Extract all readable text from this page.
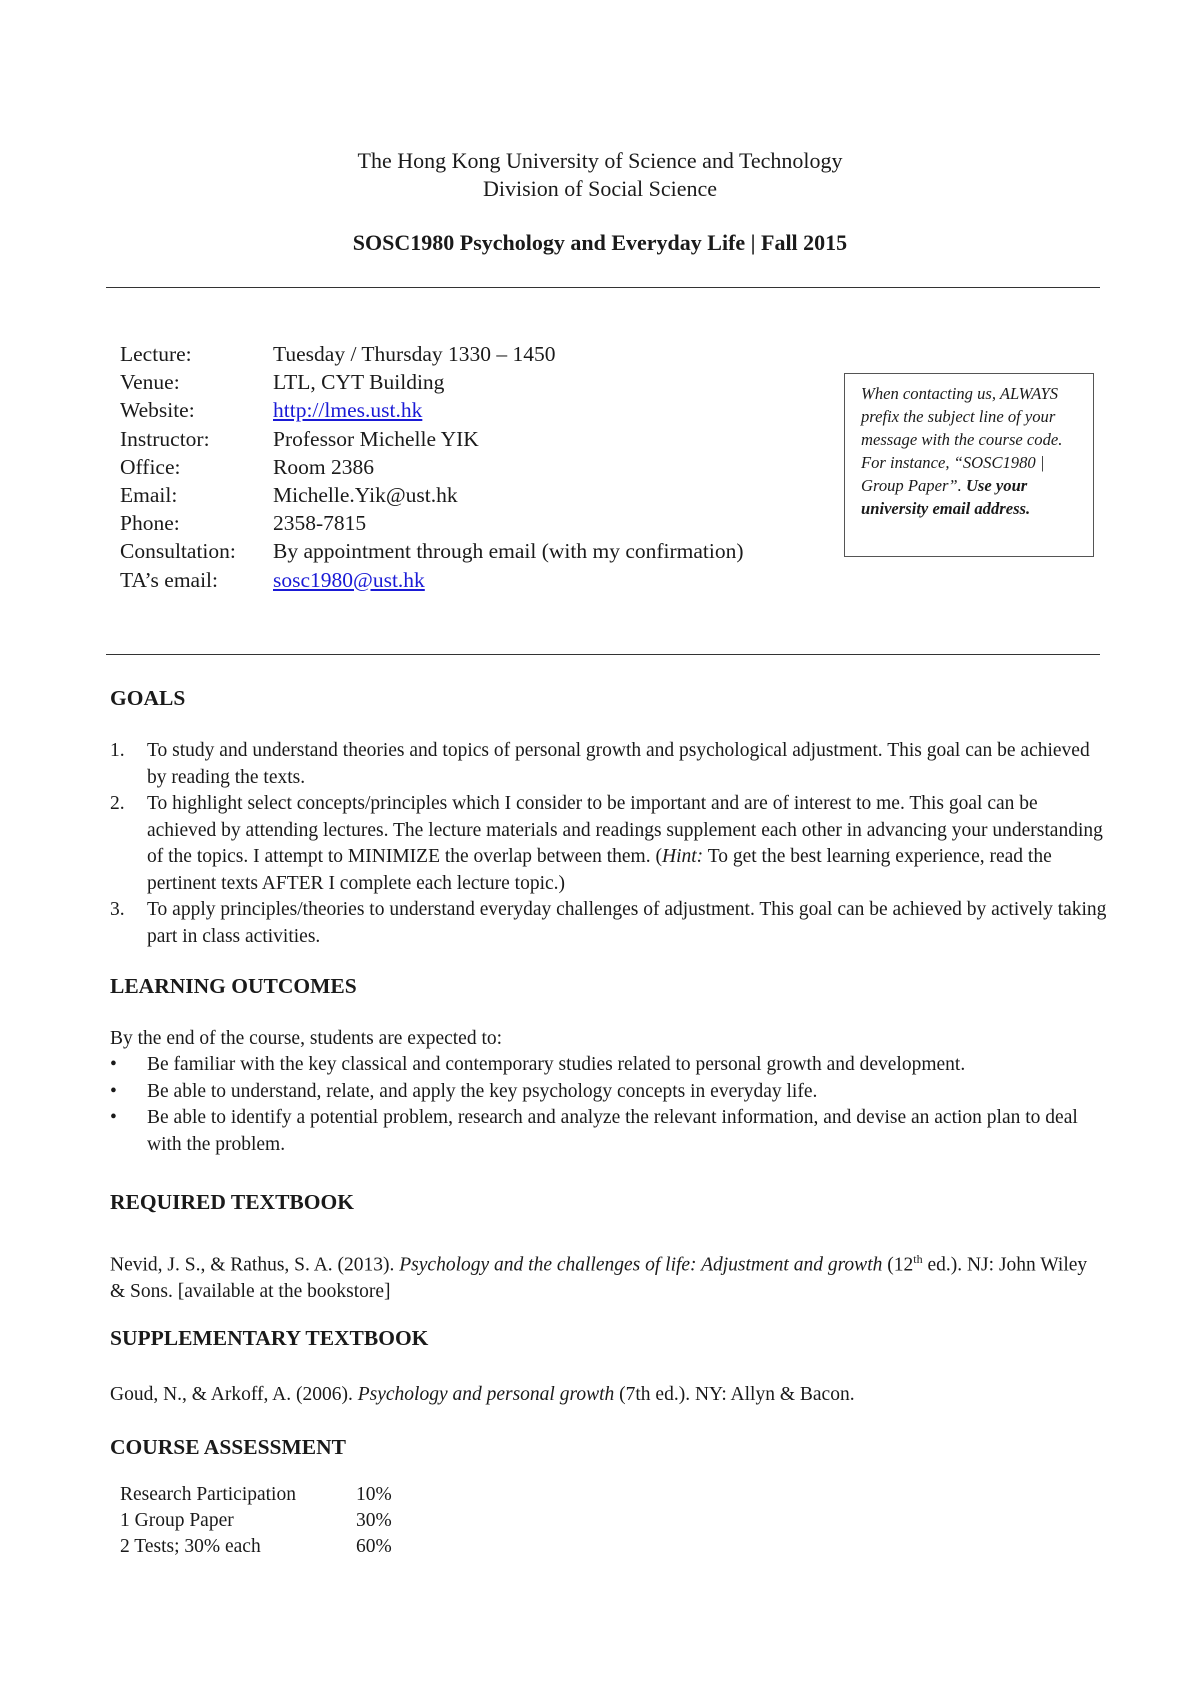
The Hong Kong University of Science and Technology
Division of Social Science
SOSC1980 Psychology and Everyday Life | Fall 2015
Lecture:	Tuesday / Thursday 1330 – 1450
Venue:	LTL, CYT Building
Website:	http://lmes.ust.hk
Instructor:	Professor Michelle YIK
Office:	Room 2386
Email:	Michelle.Yik@ust.hk
Phone:	2358-7815
Consultation: By appointment through email (with my confirmation)
TA’s email:	sosc1980@ust.hk
When contacting us, ALWAYS prefix the subject line of your message with the course code. For instance, “SOSC1980 | Group Paper”. Use your university email address.
GOALS
1. To study and understand theories and topics of personal growth and psychological adjustment. This goal can be achieved by reading the texts.
2. To highlight select concepts/principles which I consider to be important and are of interest to me. This goal can be achieved by attending lectures. The lecture materials and readings supplement each other in advancing your understanding of the topics. I attempt to MINIMIZE the overlap between them. (Hint: To get the best learning experience, read the pertinent texts AFTER I complete each lecture topic.)
3. To apply principles/theories to understand everyday challenges of adjustment. This goal can be achieved by actively taking part in class activities.
LEARNING OUTCOMES
By the end of the course, students are expected to:
• Be familiar with the key classical and contemporary studies related to personal growth and development.
• Be able to understand, relate, and apply the key psychology concepts in everyday life.
• Be able to identify a potential problem, research and analyze the relevant information, and devise an action plan to deal with the problem.
REQUIRED TEXTBOOK
Nevid, J. S., & Rathus, S. A. (2013). Psychology and the challenges of life: Adjustment and growth (12th ed.). NJ: John Wiley & Sons. [available at the bookstore]
SUPPLEMENTARY TEXTBOOK
Goud, N., & Arkoff, A. (2006). Psychology and personal growth (7th ed.). NY: Allyn & Bacon.
COURSE ASSESSMENT
Research Participation	10%
1 Group Paper	30%
2 Tests; 30% each	60%
